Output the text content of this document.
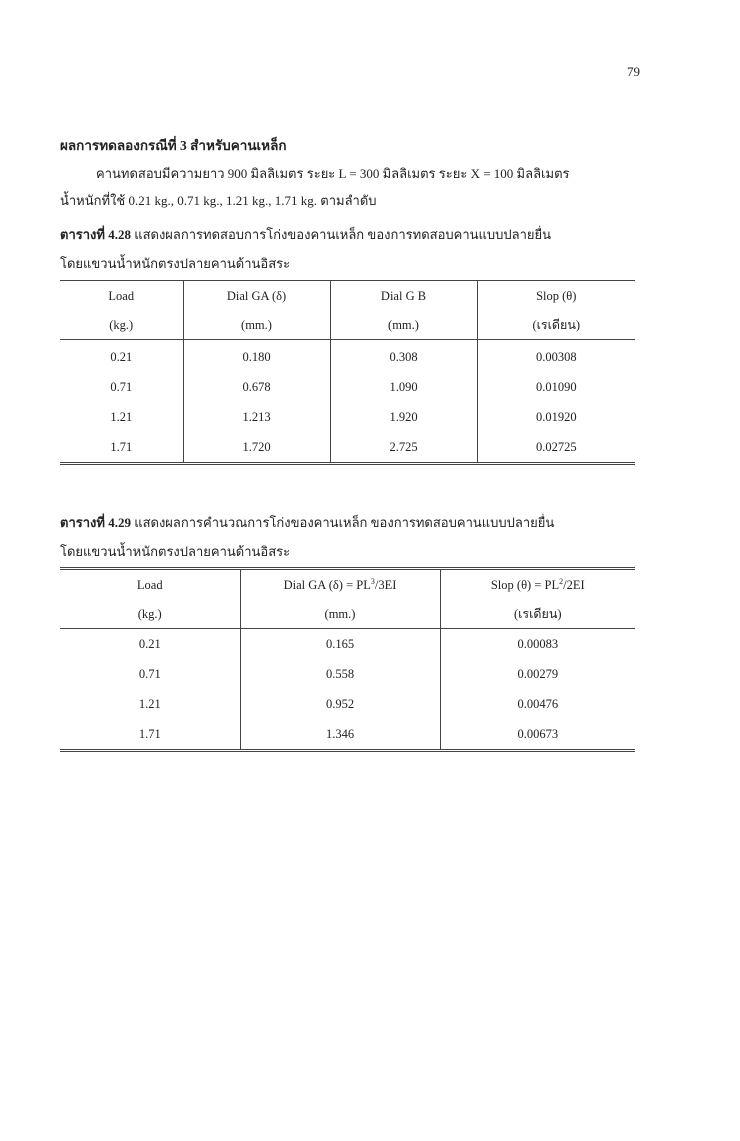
79
ผลการทดลองกรณีที่ 3 สำหรับคานเหล็ก
คานทดสอบมีความยาว 900 มิลลิเมตร ระยะ L = 300 มิลลิเมตร ระยะ X = 100 มิลลิเมตร
น้ำหนักที่ใช้ 0.21 kg., 0.71 kg., 1.21 kg., 1.71 kg. ตามลำดับ
ตารางที่ 4.28 แสดงผลการทดสอบการโก่งของคานเหล็ก ของการทดสอบคานแบบปลายยื่น
โดยแขวนน้ำหนักตรงปลายคานด้านอิสระ
Load	Dial GA (δ)	Dial G B	Slop (θ)
(kg.)	(mm.)	(mm.)	(เรเดียน)
0.21	0.180	0.308	0.00308
0.71	0.678	1.090	0.01090
1.21	1.213	1.920	0.01920
1.71	1.720	2.725	0.02725
ตารางที่ 4.29 แสดงผลการคำนวณการโก่งของคานเหล็ก ของการทดสอบคานแบบปลายยื่น
โดยแขวนน้ำหนักตรงปลายคานด้านอิสระ
Load	Dial GA $(\delta) = PL^3/3EI$	Slop $(\theta) = PL^2/2EI$
(kg.)	(mm.)	(เรเดียน)
0.21	0.165	0.00083
0.71	0.558	0.00279
1.21	0.952	0.00476
1.71	1.346	0.00673
